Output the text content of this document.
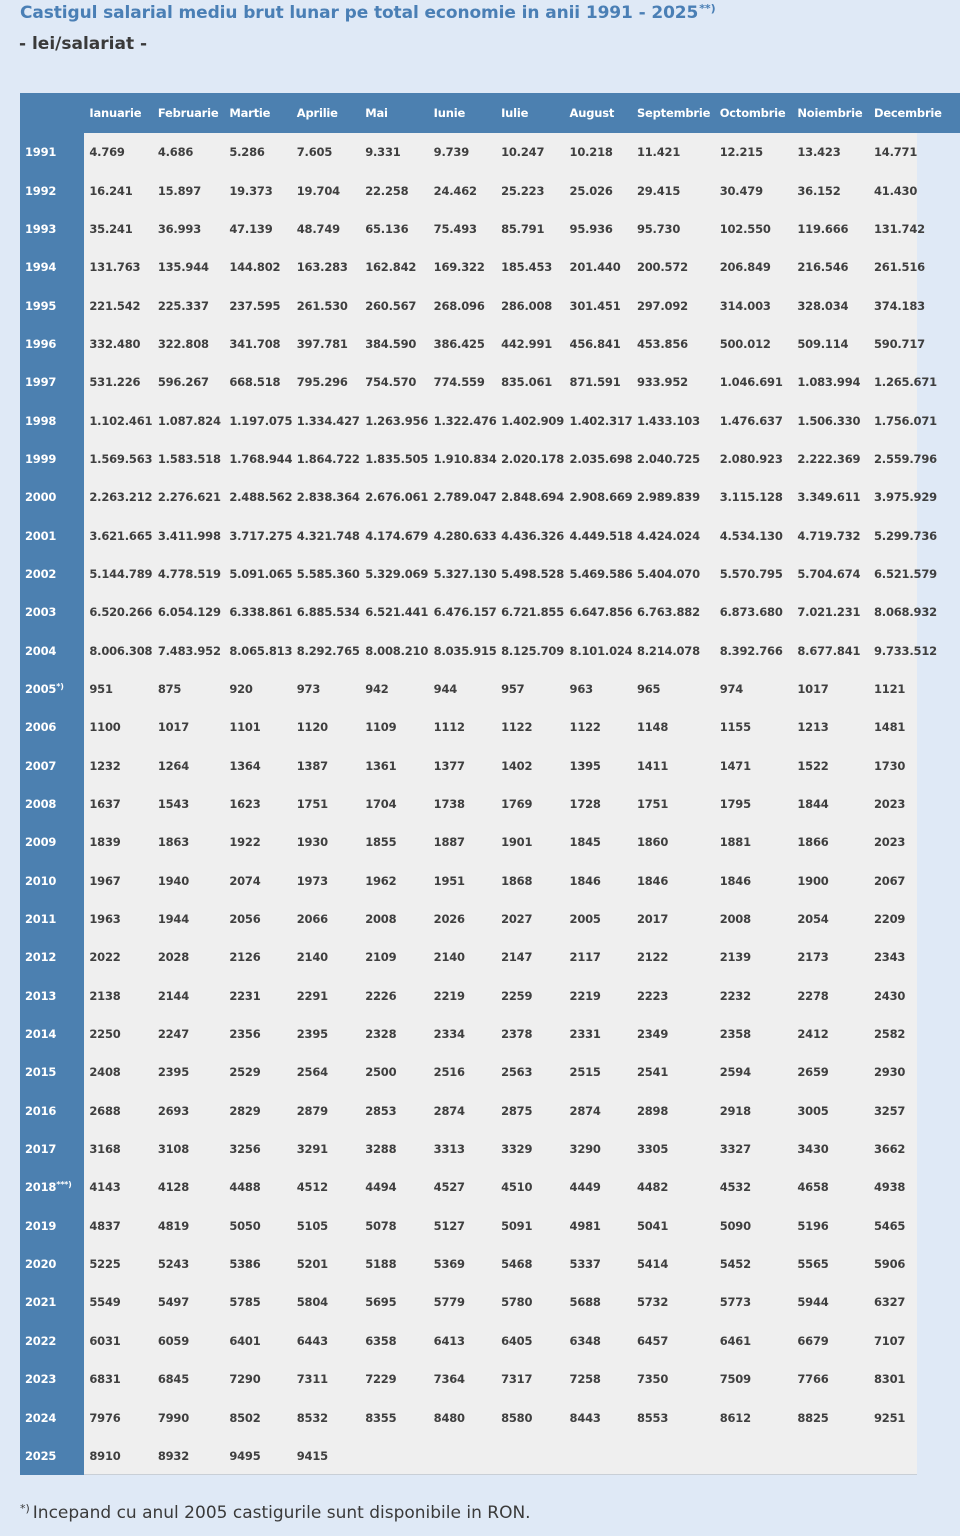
Castigul salarial mediu brut lunar pe total economie in anii 1991 - 2025**)
- lei/salariat -
	Ianuarie	Februarie	Martie	Aprilie	Mai	Iunie	Iulie	August	Septembrie	Octombrie	Noiembrie	Decembrie
1991	4.769	4.686	5.286	7.605	9.331	9.739	10.247	10.218	11.421	12.215	13.423	14.771
1992	16.241	15.897	19.373	19.704	22.258	24.462	25.223	25.026	29.415	30.479	36.152	41.430
1993	35.241	36.993	47.139	48.749	65.136	75.493	85.791	95.936	95.730	102.550	119.666	131.742
1994	131.763	135.944	144.802	163.283	162.842	169.322	185.453	201.440	200.572	206.849	216.546	261.516
1995	221.542	225.337	237.595	261.530	260.567	268.096	286.008	301.451	297.092	314.003	328.034	374.183
1996	332.480	322.808	341.708	397.781	384.590	386.425	442.991	456.841	453.856	500.012	509.114	590.717
1997	531.226	596.267	668.518	795.296	754.570	774.559	835.061	871.591	933.952	1.046.691	1.083.994	1.265.671
1998	1.102.461	1.087.824	1.197.075	1.334.427	1.263.956	1.322.476	1.402.909	1.402.317	1.433.103	1.476.637	1.506.330	1.756.071
1999	1.569.563	1.583.518	1.768.944	1.864.722	1.835.505	1.910.834	2.020.178	2.035.698	2.040.725	2.080.923	2.222.369	2.559.796
2000	2.263.212	2.276.621	2.488.562	2.838.364	2.676.061	2.789.047	2.848.694	2.908.669	2.989.839	3.115.128	3.349.611	3.975.929
2001	3.621.665	3.411.998	3.717.275	4.321.748	4.174.679	4.280.633	4.436.326	4.449.518	4.424.024	4.534.130	4.719.732	5.299.736
2002	5.144.789	4.778.519	5.091.065	5.585.360	5.329.069	5.327.130	5.498.528	5.469.586	5.404.070	5.570.795	5.704.674	6.521.579
2003	6.520.266	6.054.129	6.338.861	6.885.534	6.521.441	6.476.157	6.721.855	6.647.856	6.763.882	6.873.680	7.021.231	8.068.932
2004	8.006.308	7.483.952	8.065.813	8.292.765	8.008.210	8.035.915	8.125.709	8.101.024	8.214.078	8.392.766	8.677.841	9.733.512
2005*)	951	875	920	973	942	944	957	963	965	974	1017	1121
2006	1100	1017	1101	1120	1109	1112	1122	1122	1148	1155	1213	1481
2007	1232	1264	1364	1387	1361	1377	1402	1395	1411	1471	1522	1730
2008	1637	1543	1623	1751	1704	1738	1769	1728	1751	1795	1844	2023
2009	1839	1863	1922	1930	1855	1887	1901	1845	1860	1881	1866	2023
2010	1967	1940	2074	1973	1962	1951	1868	1846	1846	1846	1900	2067
2011	1963	1944	2056	2066	2008	2026	2027	2005	2017	2008	2054	2209
2012	2022	2028	2126	2140	2109	2140	2147	2117	2122	2139	2173	2343
2013	2138	2144	2231	2291	2226	2219	2259	2219	2223	2232	2278	2430
2014	2250	2247	2356	2395	2328	2334	2378	2331	2349	2358	2412	2582
2015	2408	2395	2529	2564	2500	2516	2563	2515	2541	2594	2659	2930
2016	2688	2693	2829	2879	2853	2874	2875	2874	2898	2918	3005	3257
2017	3168	3108	3256	3291	3288	3313	3329	3290	3305	3327	3430	3662
2018***)	4143	4128	4488	4512	4494	4527	4510	4449	4482	4532	4658	4938
2019	4837	4819	5050	5105	5078	5127	5091	4981	5041	5090	5196	5465
2020	5225	5243	5386	5201	5188	5369	5468	5337	5414	5452	5565	5906
2021	5549	5497	5785	5804	5695	5779	5780	5688	5732	5773	5944	6327
2022	6031	6059	6401	6443	6358	6413	6405	6348	6457	6461	6679	7107
2023	6831	6845	7290	7311	7229	7364	7317	7258	7350	7509	7766	8301
2024	7976	7990	8502	8532	8355	8480	8580	8443	8553	8612	8825	9251
2025	8910	8932	9495	9415								

*) Incepand cu anul 2005 castigurile sunt disponibile in RON.
